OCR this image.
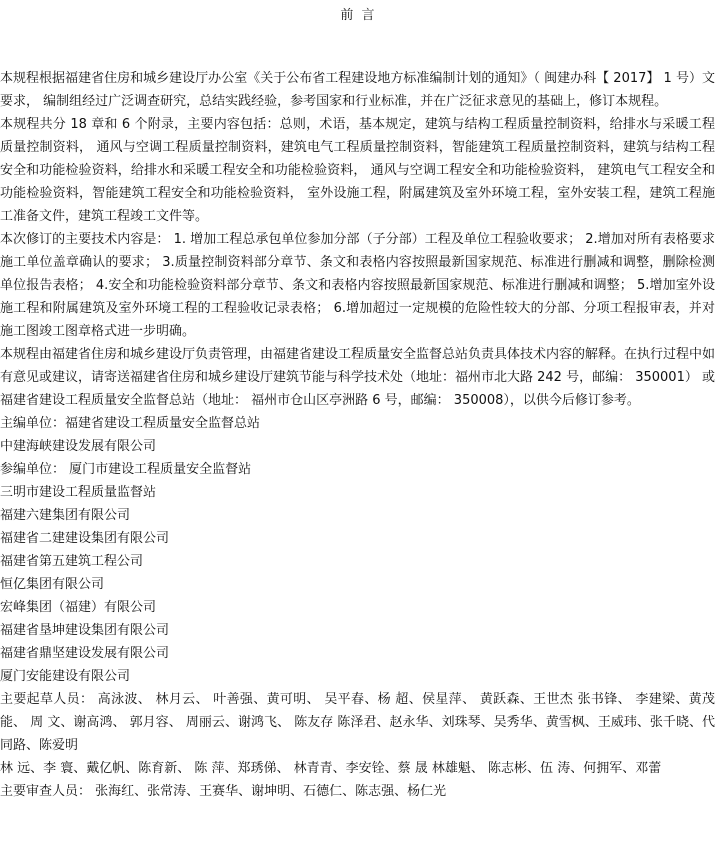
前 言

本规程根据福建省住房和城乡建设厅办公室《关于公布省工程建设地方标准编制计划的通知》（ 闽建办科【 2017】 1 号）文要求， 编制组经过广泛调查研究，总结实践经验，参考国家和行业标准，并在广泛征求意见的基础上，修订本规程。

本规程共分 18 章和 6 个附录，主要内容包括：总则，术语，基本规定，建筑与结构工程质量控制资料，给排水与采暖工程质量控制资料， 通风与空调工程质量控制资料，建筑电气工程质量控制资料，智能建筑工程质量控制资料，建筑与结构工程安全和功能检验资料，给排水和采暖工程安全和功能检验资料， 通风与空调工程安全和功能检验资料， 建筑电气工程安全和功能检验资料，智能建筑工程安全和功能检验资料， 室外设施工程，附属建筑及室外环境工程，室外安装工程，建筑工程施工准备文件，建筑工程竣工文件等。

本次修订的主要技术内容是： 1. 增加工程总承包单位参加分部（子分部）工程及单位工程验收要求； 2.增加对所有表格要求施工单位盖章确认的要求； 3.质量控制资料部分章节、条文和表格内容按照最新国家规范、标准进行删减和调整，删除检测单位报告表格； 4.安全和功能检验资料部分章节、条文和表格内容按照最新国家规范、标准进行删减和调整； 5.增加室外设施工程和附属建筑及室外环境工程的工程验收记录表格； 6.增加超过一定规模的危险性较大的分部、分项工程报审表，并对施工图竣工图章格式进一步明确。

本规程由福建省住房和城乡建设厅负责管理，由福建省建设工程质量安全监督总站负责具体技术内容的解释。在执行过程中如有意见或建议，请寄送福建省住房和城乡建设厅建筑节能与科学技术处（地址：福州市北大路 242 号，邮编： 350001） 或福建省建设工程质量安全监督总站（地址： 福州市仓山区亭洲路 6 号，邮编： 350008），以供今后修订参考。

主编单位：福建省建设工程质量安全监督总站
中建海峡建设发展有限公司
参编单位： 厦门市建设工程质量安全监督站
三明市建设工程质量监督站
福建六建集团有限公司
福建省二建建设集团有限公司
福建省第五建筑工程公司
恒亿集团有限公司
宏峰集团（福建）有限公司
福建省垦坤建设集团有限公司
福建省鼎坚建设发展有限公司
厦门安能建设有限公司

主要起草人员： 高泳波、 林月云、 叶善强、黄可明、 吴平春、杨 超、侯星萍、 黄跃森、王世杰 张书锋、 李建梁、黄茂能、 周 文、谢高鸿、 郭月容、 周丽云、谢鸿飞、 陈友存 陈泽君、赵永华、刘珠琴、吴秀华、黄雪枫、王威玮、张千晓、代同路、陈爱明

林 远、李 寰、戴亿帆、陈育新、 陈 萍、郑琇俤、 林青青、李安铨、蔡 晟 林雄魁、 陈志彬、伍 涛、何拥军、邓蕾

主要审查人员： 张海红、张常涛、王赛华、谢坤明、石德仁、陈志强、杨仁光
